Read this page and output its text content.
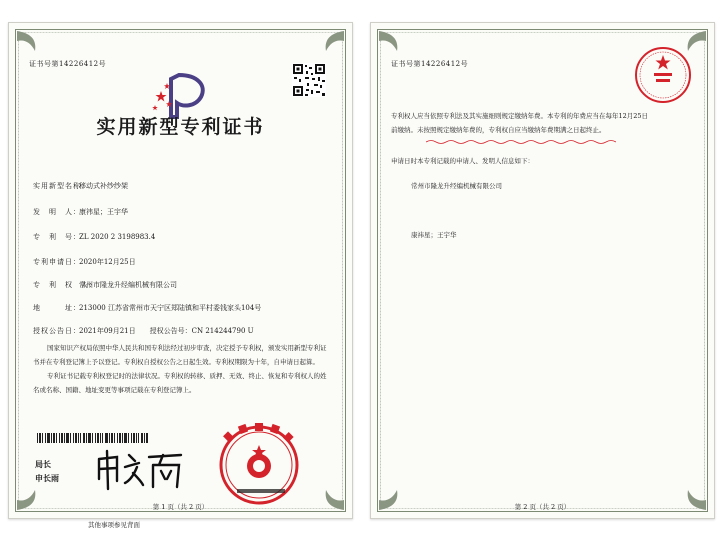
证书号第14226412号
实用新型专利证书
实用新型名称：移动式补纱纱架
发　明　人：康祎星；王宇华
专　利　号：ZL 2020 2 3198983.4
专利申请日：2020年12月25日
专　利　权　人：常州市隆龙升经编机械有限公司
地　　　址：213000 江苏省常州市天宁区郑陆镇和平村委钱家头104号
授权公告日：2021年09月21日　　授权公告号：CN 214244790 U
国家知识产权局依照中华人民共和国专利法经过初步审查，决定授予专利权，颁发实用新型专利证书并在专利登记簿上予以登记。专利权自授权公告之日起生效。专利权期限为十年，自申请日起算。
专利证书记载专利权登记时的法律状况。专利权的转移、质押、无效、终止、恢复和专利权人的姓名或名称、国籍、地址变更等事项记载在专利登记簿上。
局长
申长雨
第 1 页（共 2 页）
其他事项参见背面
证书号第14226412号
专利权人应当依照专利法及其实施细则规定缴纳年费。本专利的年费应当在每年12月25日
前缴纳。未按照规定缴纳年费的，专利权自应当缴纳年费期满之日起终止。
申请日时本专利记载的申请人、发明人信息如下：
常州市隆龙升经编机械有限公司
康祎星；王宇华
第 2 页（共 2 页）
